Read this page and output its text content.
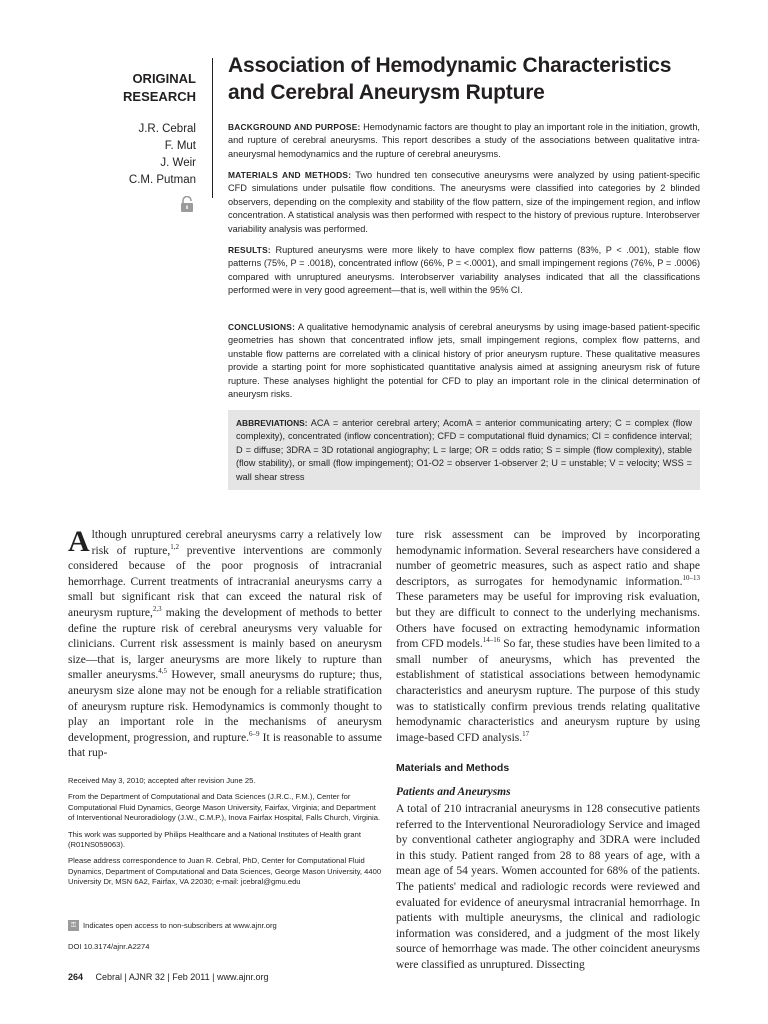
ORIGINAL
RESEARCH
Association of Hemodynamic Characteristics and Cerebral Aneurysm Rupture
J.R. Cebral
F. Mut
J. Weir
C.M. Putman

BACKGROUND AND PURPOSE: Hemodynamic factors are thought to play an important role in the initiation, growth, and rupture of cerebral aneurysms. This report describes a study of the associations between qualitative intra-aneurysmal hemodynamics and the rupture of cerebral aneurysms.

MATERIALS AND METHODS: Two hundred ten consecutive aneurysms were analyzed by using patient-specific CFD simulations under pulsatile flow conditions. The aneurysms were classified into categories by 2 blinded observers, depending on the complexity and stability of the flow pattern, size of the impingement region, and inflow concentration. A statistical analysis was then performed with respect to the history of previous rupture. Interobserver variability analysis was performed.

RESULTS: Ruptured aneurysms were more likely to have complex flow patterns (83%, P < .001), stable flow patterns (75%, P = .0018), concentrated inflow (66%, P = <.0001), and small impingement regions (76%, P = .0006) compared with unruptured aneurysms. Interobserver variability analyses indicated that all the classifications performed were in very good agreement—that is, well within the 95% CI.

CONCLUSIONS: A qualitative hemodynamic analysis of cerebral aneurysms by using image-based patient-specific geometries has shown that concentrated inflow jets, small impingement regions, complex flow patterns, and unstable flow patterns are correlated with a clinical history of prior aneurysm rupture. These qualitative measures provide a starting point for more sophisticated quantitative analysis aimed at assigning aneurysm risk of future rupture. These analyses highlight the potential for CFD to play an important role in the clinical determination of aneurysm risks.

ABBREVIATIONS: ACA = anterior cerebral artery; AcomA = anterior communicating artery; C = complex (flow complexity), concentrated (inflow concentration); CFD = computational fluid dynamics; CI = confidence interval; D = diffuse; 3DRA = 3D rotational angiography; L = large; OR = odds ratio; S = simple (flow complexity), stable (flow stability), or small (flow impingement); O1-O2 = observer 1-observer 2; U = unstable; V = velocity; WSS = wall shear stress

Although unruptured cerebral aneurysms carry a relatively low risk of rupture,$^{1,2}$ preventive interventions are commonly considered because of the poor prognosis of intracranial hemorrhage. Current treatments of intracranial aneurysms carry a small but significant risk that can exceed the natural risk of aneurysm rupture,$^{2,3}$ making the development of methods to better define the rupture risk of cerebral aneurysms very valuable for clinicians. Current risk assessment is mainly based on aneurysm size—that is, larger aneurysms are more likely to rupture than smaller aneurysms.$^{4,5}$ However, small aneurysms do rupture; thus, aneurysm size alone may not be enough for a reliable stratification of aneurysm rupture risk. Hemodynamics is commonly thought to play an important role in the mechanisms of aneurysm development, progression, and rupture.$^{6-9}$ It is reasonable to assume that rup-

ture risk assessment can be improved by incorporating hemodynamic information. Several researchers have considered a number of geometric measures, such as aspect ratio and shape descriptors, as surrogates for hemodynamic information.$^{10-13}$ These parameters may be useful for improving risk evaluation, but they are difficult to connect to the underlying mechanisms. Others have focused on extracting hemodynamic information from CFD models.$^{14-16}$ So far, these studies have been limited to a small number of aneurysms, which has prevented the establishment of statistical associations between hemodynamic characteristics and aneurysm rupture. The purpose of this study was to statistically confirm previous trends relating qualitative hemodynamic characteristics and aneurysm rupture by using image-based CFD analysis.$^{17}$

Materials and Methods
Patients and Aneurysms

A total of 210 intracranial aneurysms in 128 consecutive patients referred to the Interventional Neuroradiology Service and imaged by conventional catheter angiography and 3DRA were included in this study. Patient ranged from 28 to 88 years of age, with a mean age of 54 years. Women accounted for 68% of the patients. The patients' medical and radiologic records were reviewed and evaluated for evidence of aneurysmal intracranial hemorrhage. In patients with multiple aneurysms, the clinical and radiologic information was considered, and a judgment of the most likely source of hemorrhage was made. The other coincident aneurysms were classified as unruptured. Dissecting

Received May 3, 2010; accepted after revision June 25.

From the Department of Computational and Data Sciences (J.R.C., F.M.), Center for Computational Fluid Dynamics, George Mason University, Fairfax, Virginia; and Department of Interventional Neuroradiology (J.W., C.M.P.), Inova Fairfax Hospital, Falls Church, Virginia.

This work was supported by Philips Healthcare and a National Institutes of Health grant (R01NS059063).

Please address correspondence to Juan R. Cebral, PhD, Center for Computational Fluid Dynamics, Department of Computational and Data Sciences, George Mason University, 4400 University Dr, MSN 6A2, Fairfax, VA 22030; e-mail: jcebral@gmu.edu

⚿ Indicates open access to non-subscribers at www.ajnr.org
DOI 10.3174/ajnr.A2274
264 Cebral | AJNR 32 | Feb 2011 | www.ajnr.org
